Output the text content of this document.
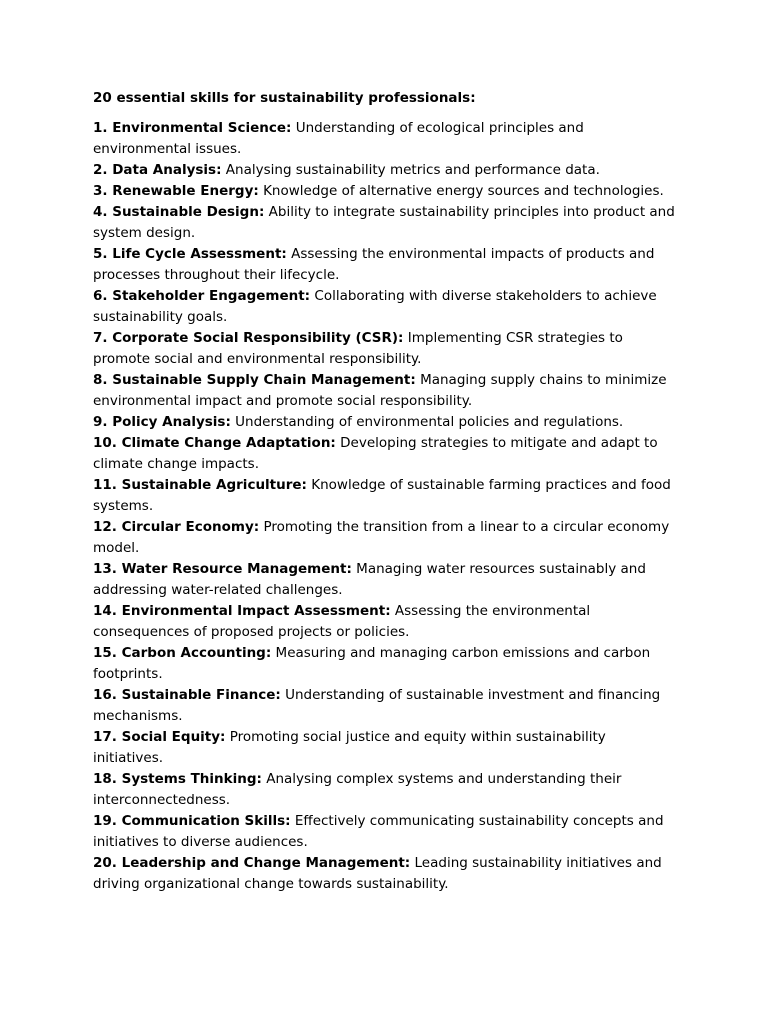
20 essential skills for sustainability professionals:

1. Environmental Science: Understanding of ecological principles and environmental issues.
2. Data Analysis: Analysing sustainability metrics and performance data.
3. Renewable Energy: Knowledge of alternative energy sources and technologies.
4. Sustainable Design: Ability to integrate sustainability principles into product and system design.
5. Life Cycle Assessment: Assessing the environmental impacts of products and processes throughout their lifecycle.
6. Stakeholder Engagement: Collaborating with diverse stakeholders to achieve sustainability goals.
7. Corporate Social Responsibility (CSR): Implementing CSR strategies to promote social and environmental responsibility.
8. Sustainable Supply Chain Management: Managing supply chains to minimize environmental impact and promote social responsibility.
9. Policy Analysis: Understanding of environmental policies and regulations.
10. Climate Change Adaptation: Developing strategies to mitigate and adapt to climate change impacts.
11. Sustainable Agriculture: Knowledge of sustainable farming practices and food systems.
12. Circular Economy: Promoting the transition from a linear to a circular economy model.
13. Water Resource Management: Managing water resources sustainably and addressing water-related challenges.
14. Environmental Impact Assessment: Assessing the environmental consequences of proposed projects or policies.
15. Carbon Accounting: Measuring and managing carbon emissions and carbon footprints.
16. Sustainable Finance: Understanding of sustainable investment and financing mechanisms.
17. Social Equity: Promoting social justice and equity within sustainability initiatives.
18. Systems Thinking: Analysing complex systems and understanding their interconnectedness.
19. Communication Skills: Effectively communicating sustainability concepts and initiatives to diverse audiences.
20. Leadership and Change Management: Leading sustainability initiatives and driving organizational change towards sustainability.
